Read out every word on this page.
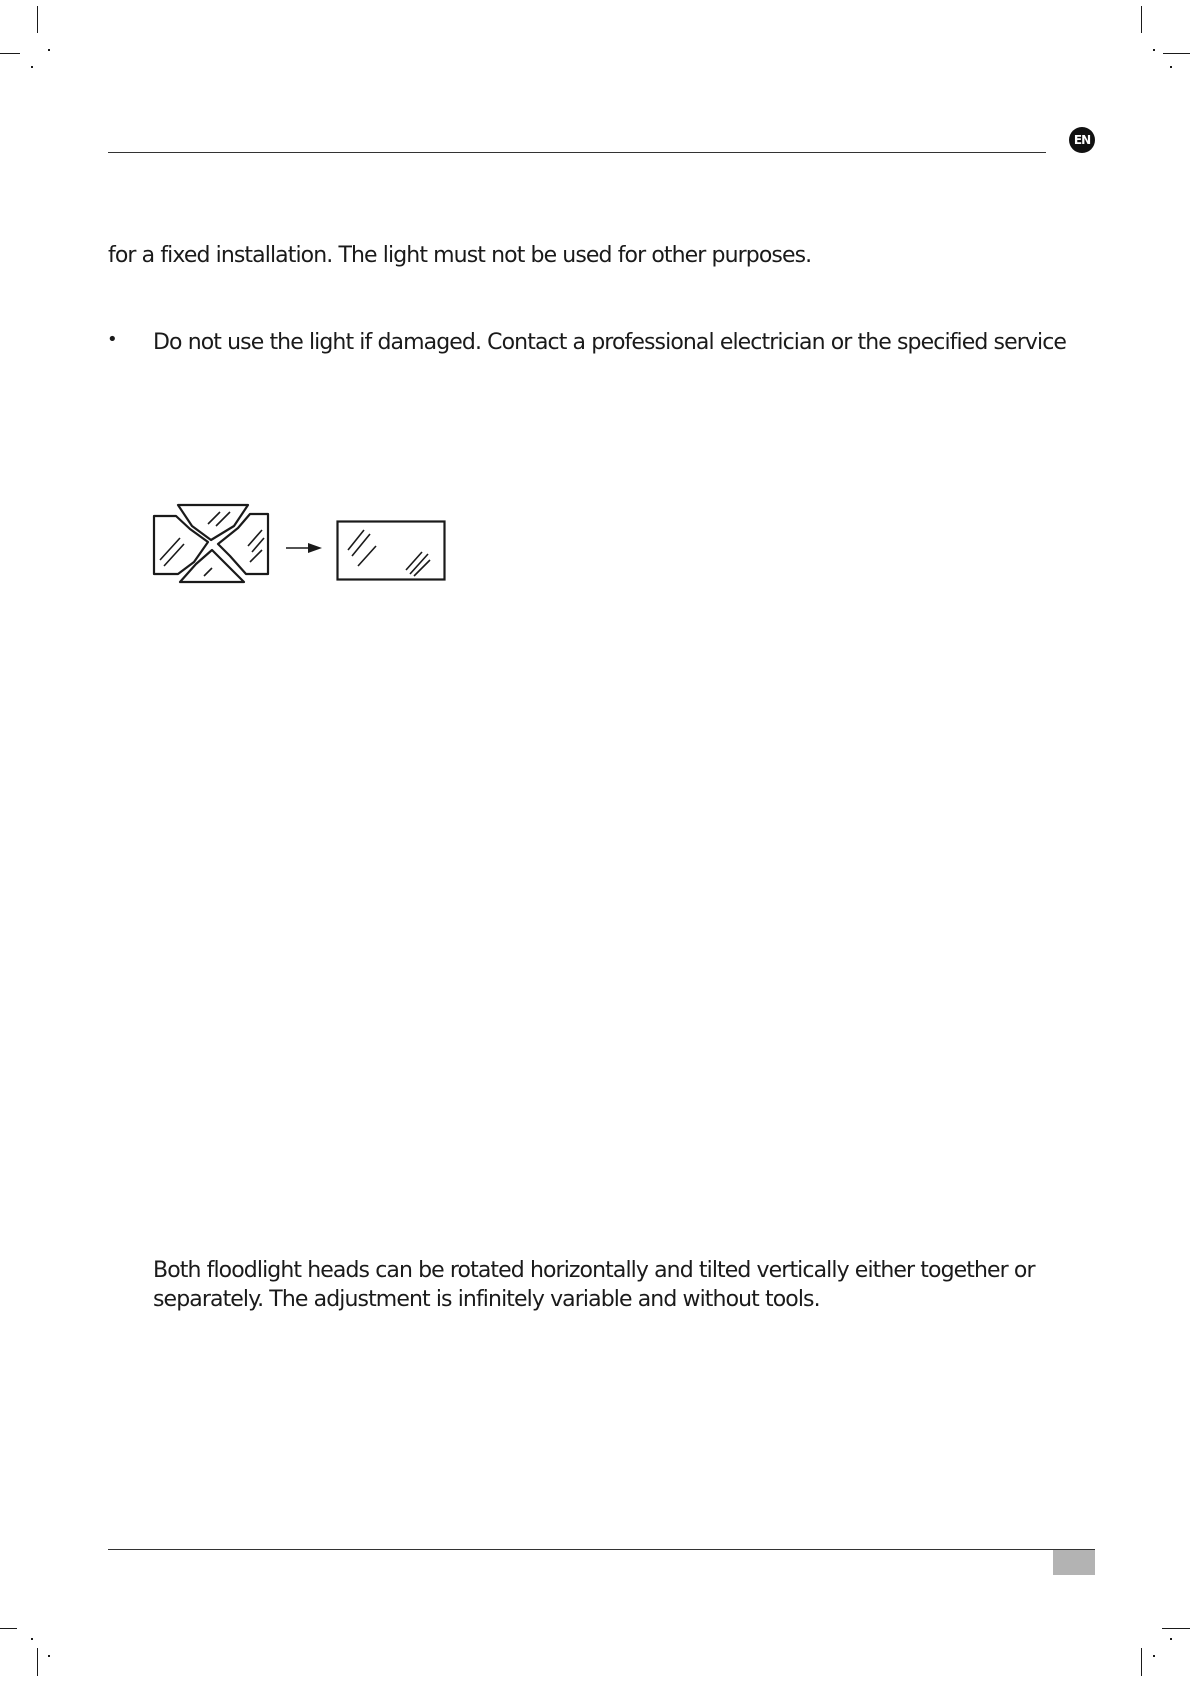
EN
for a fixed installation. The light must not be used for other purposes.
• Do not use the light if damaged. Contact a professional electrician or the specified service
Both floodlight heads can be rotated horizontally and tilted vertically either together or
separately. The adjustment is infinitely variable and without tools.
